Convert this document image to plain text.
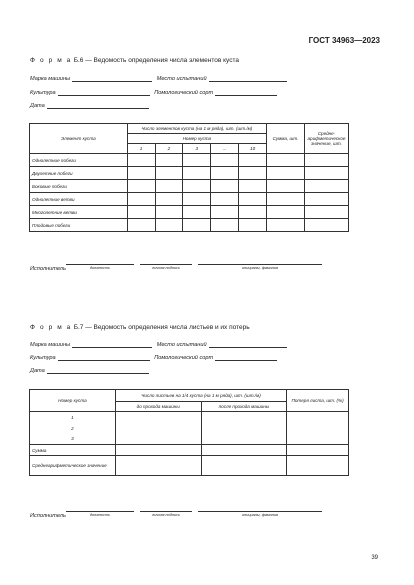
ГОСТ 34963—2023
Ф о р м а Б.6 — Ведомость определения числа элементов куста
Марка машины	Место испытаний
Культура	Помологический сорт
Дата
Элемент куста	Число элементов куста (на 1 м ряда), шт. (шт./м)					Сумма, шт.	Средне-арифметическое значение, шт.
	Номер куста						
	1	2	3	...	10		
Однолетние побеги							
Двулетние побеги							
Боковые побеги							
Однолетние ветви							
Многолетние ветви							
Плодовые побеги							
Исполнитель	должность	личная подпись	инициалы, фамилия
Ф о р м а Б.7 — Ведомость определения числа листьев и их потерь
Марка машины	Место испытаний
Культура	Помологический сорт
Дата
Номер куста	Число листьев на 1/4 куста (на 1 м ряда), шт. (шт./м)		Потеря листа, шт. (%)
	до прохода машины	после прохода машины	
1			
2			
3			
Сумма			
Среднеарифметическое значение			
Исполнитель	должность	личная подпись	инициалы, фамилия
39
